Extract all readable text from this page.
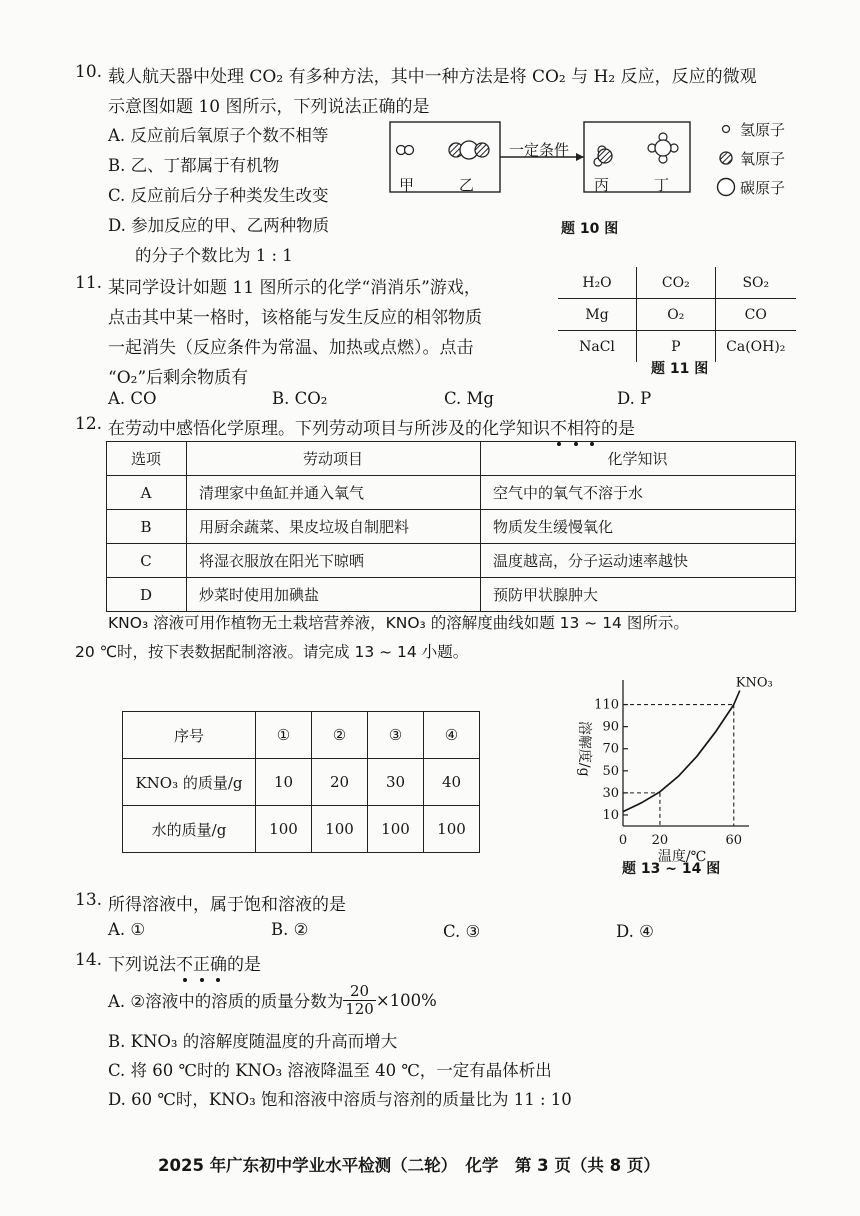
10. 载人航天器中处理 CO₂ 有多种方法，其中一种方法是将 CO₂ 与 H₂ 反应，反应的微观
示意图如题 10 图所示，下列说法正确的是
A. 反应前后氧原子个数不相等
B. 乙、丁都属于有机物
C. 反应前后分子种类发生改变
D. 参加反应的甲、乙两种物质
的分子个数比为 1 : 1
一定条件
甲	乙	丙	丁
氢原子
氧原子
碳原子
题 10 图
11. 某同学设计如题 11 图所示的化学“消消乐”游戏，
点击其中某一格时，该格能与发生反应的相邻物质
一起消失（反应条件为常温、加热或点燃）。点击
“O₂”后剩余物质有
H₂O	CO₂	SO₂
Mg	O₂	CO
NaCl	P	Ca(OH)₂
题 11 图
A. CO	B. CO₂	C. Mg	D. P
12. 在劳动中感悟化学原理。下列劳动项目与所涉及的化学知识不相符
的是
选项	劳动项目	化学知识
A	清理家中鱼缸并通入氧气	空气中的氧气不溶于水
B	用厨余蔬菜、果皮垃圾自制肥料	物质发生缓慢氧化
C	将湿衣服放在阳光下晾晒	温度越高，分子运动速率越快
D	炒菜时使用加碘盐	预防甲状腺肿大
KNO₃ 溶液可用作植物无土栽培营养液，KNO₃ 的溶解度曲线如题 13 ~ 14 图所示。
20 ℃时，按下表数据配制溶液。请完成 13 ~ 14 小题。
序号	①	②	③	④
KNO₃ 的质量/g	10	20	30	40
水的质量/g	100	100	100	100
10
30
50
70
90
110
0 20	60
KNO₃
温度/℃
溶解度/g
题 13 ~ 14 图
13. 所得溶液中，属于饱和溶液的是
A. ①	B. ②	C. ③	D. ④
14. 下列说法不正确
的是
A. ②溶液中的溶质的质量分数为 $\frac{20}{120} \times 100\%$
B. KNO₃ 的溶解度随温度的升高而增大
C. 将 60 ℃时的 KNO₃ 溶液降温至 40 ℃，一定有晶体析出
D. 60 ℃时，KNO₃ 饱和溶液中溶质与溶剂的质量比为 11 : 10
2025 年广东初中学业水平检测（二轮）　化学　第 3 页（共 8 页）
